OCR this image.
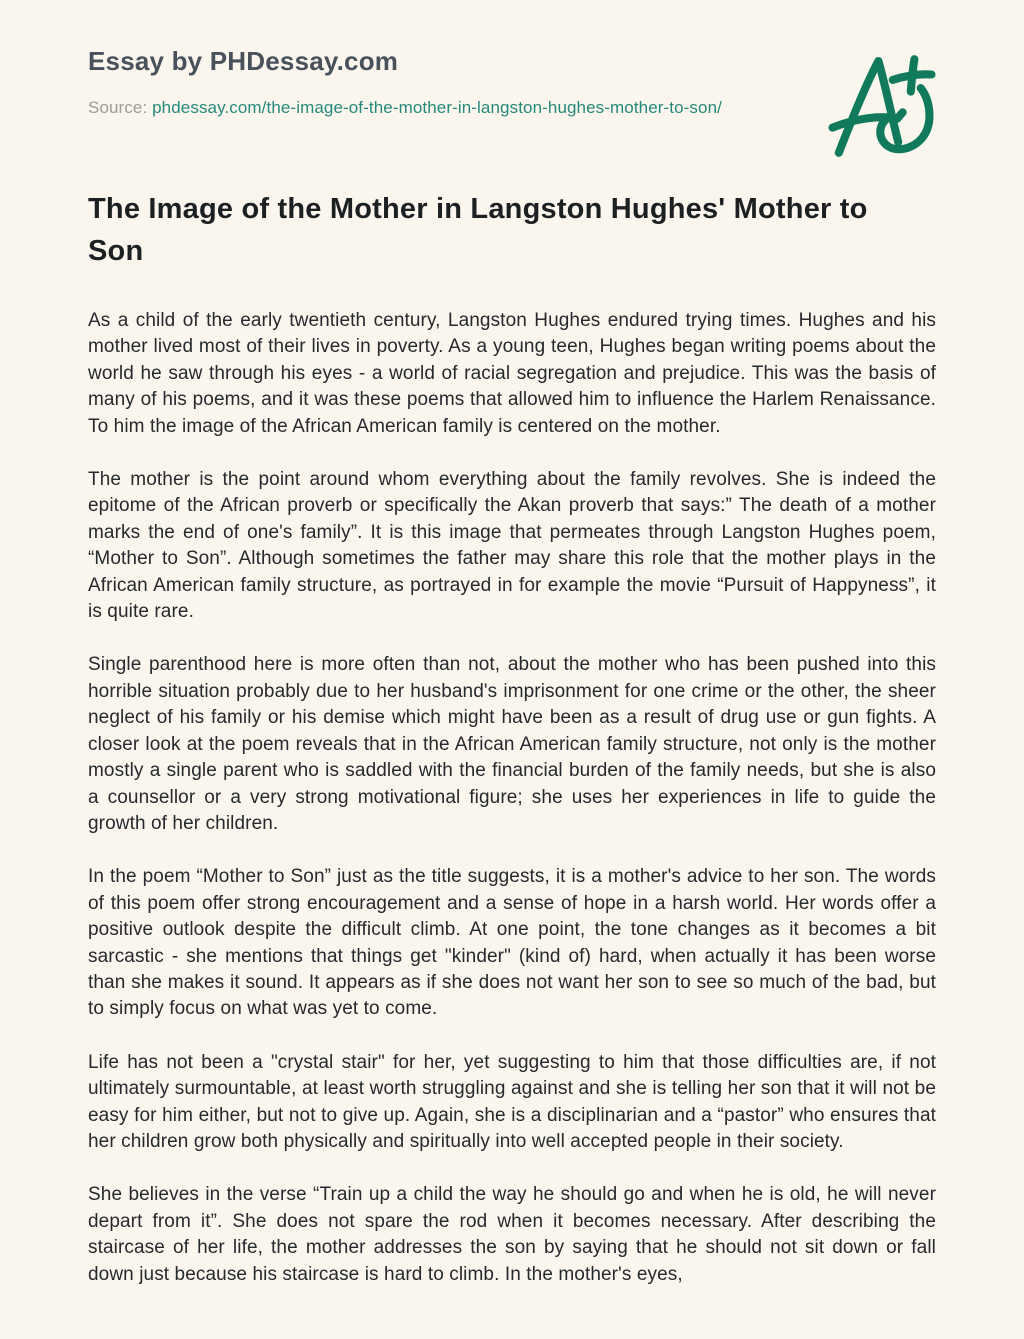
Essay by PHDessay.com
Source: phdessay.com/the-image-of-the-mother-in-langston-hughes-mother-to-son/
The Image of the Mother in Langston Hughes' Mother to Son

As a child of the early twentieth century, Langston Hughes endured trying times. Hughes and his mother lived most of their lives in poverty. As a young teen, Hughes began writing poems about the world he saw through his eyes - a world of racial segregation and prejudice. This was the basis of many of his poems, and it was these poems that allowed him to influence the Harlem Renaissance. To him the image of the African American family is centered on the mother.

The mother is the point around whom everything about the family revolves. She is indeed the epitome of the African proverb or specifically the Akan proverb that says:” The death of a mother marks the end of one's family”. It is this image that permeates through Langston Hughes poem, “Mother to Son”. Although sometimes the father may share this role that the mother plays in the African American family structure, as portrayed in for example the movie “Pursuit of Happyness”, it is quite rare.

Single parenthood here is more often than not, about the mother who has been pushed into this horrible situation probably due to her husband's imprisonment for one crime or the other, the sheer neglect of his family or his demise which might have been as a result of drug use or gun fights. A closer look at the poem reveals that in the African American family structure, not only is the mother mostly a single parent who is saddled with the financial burden of the family needs, but she is also a counsellor or a very strong motivational figure; she uses her experiences in life to guide the growth of her children.

In the poem “Mother to Son” just as the title suggests, it is a mother's advice to her son. The words of this poem offer strong encouragement and a sense of hope in a harsh world. Her words offer a positive outlook despite the difficult climb. At one point, the tone changes as it becomes a bit sarcastic - she mentions that things get "kinder" (kind of) hard, when actually it has been worse than she makes it sound. It appears as if she does not want her son to see so much of the bad, but to simply focus on what was yet to come.

Life has not been a "crystal stair" for her, yet suggesting to him that those difficulties are, if not ultimately surmountable, at least worth struggling against and she is telling her son that it will not be easy for him either, but not to give up. Again, she is a disciplinarian and a “pastor” who ensures that her children grow both physically and spiritually into well accepted people in their society.

She believes in the verse “Train up a child the way he should go and when he is old, he will never depart from it”. She does not spare the rod when it becomes necessary. After describing the staircase of her life, the mother addresses the son by saying that he should not sit down or fall down just because his staircase is hard to climb. In the mother's eyes,
